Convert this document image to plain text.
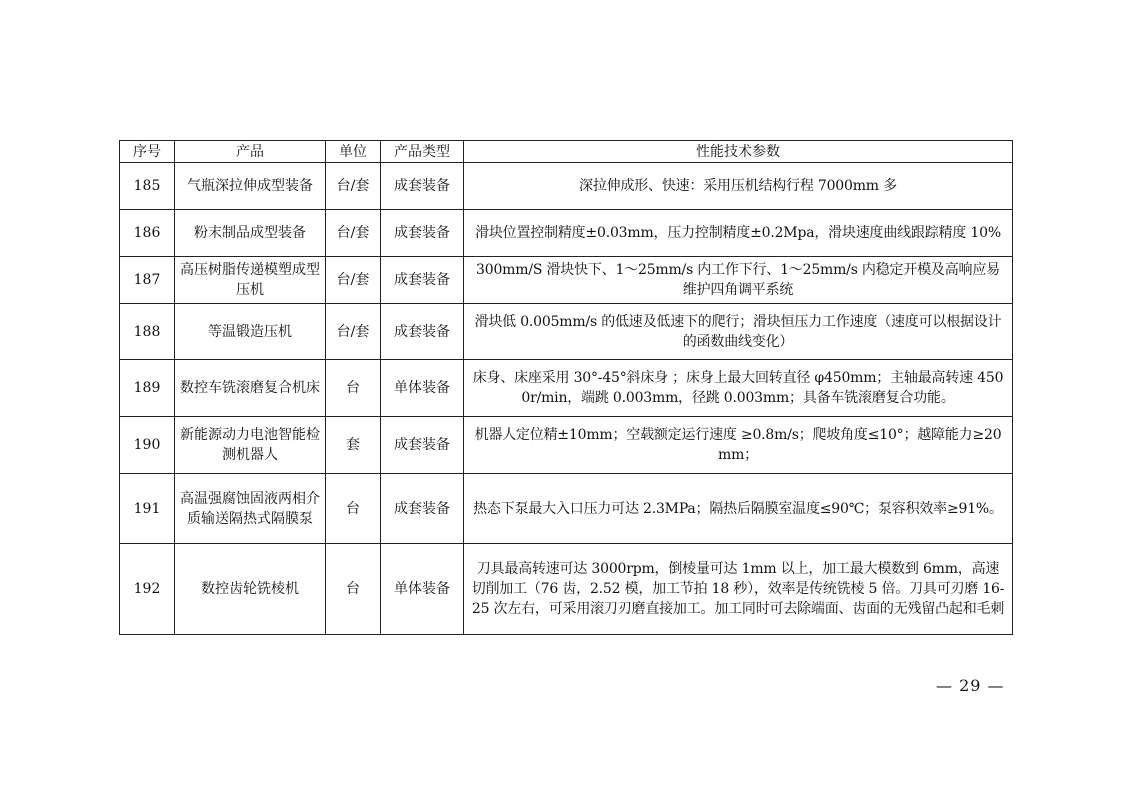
序号	产品	单位	产品类型	性能技术参数
185	气瓶深拉伸成型装备	台/套	成套装备	深拉伸成形、快速：采用压机结构行程 7000mm 多
186	粉末制品成型装备	台/套	成套装备	滑块位置控制精度±0.03mm，压力控制精度±0.2Mpa，滑块速度曲线跟踪精度 10%
187	高压树脂传递模塑成型压机	台/套	成套装备	300mm/S 滑块快下、1～25mm/s 内工作下行、1～25mm/s 内稳定开模及高响应易维护四角调平系统
188	等温锻造压机	台/套	成套装备	滑块低 0.005mm/s 的低速及低速下的爬行；滑块恒压力工作速度（速度可以根据设计的函数曲线变化）
189	数控车铣滚磨复合机床	台	单体装备	床身、床座采用 30°-45°斜床身 ；床身上最大回转直径 φ450mm；主轴最高转速 4500r/min，端跳 0.003mm，径跳 0.003mm；具备车铣滚磨复合功能。
190	新能源动力电池智能检测机器人	套	成套装备	机器人定位精±10mm；空载额定运行速度 ≥0.8m/s；爬坡角度≤10°；越障能力≥20mm；
191	高温强腐蚀固液两相介质输送隔热式隔膜泵	台	成套装备	热态下泵最大入口压力可达 2.3MPa；隔热后隔膜室温度≤90℃；泵容积效率≥91%。
192	数控齿轮铣棱机	台	单体装备	刀具最高转速可达 3000rpm，倒棱量可达 1mm 以上，加工最大模数到 6mm，高速切削加工（76 齿，2.52 模，加工节拍 18 秒），效率是传统铣棱 5 倍。刀具可刃磨 16-25 次左右，可采用滚刀刃磨直接加工。加工同时可去除端面、齿面的无残留凸起和毛刺
— 29 —
